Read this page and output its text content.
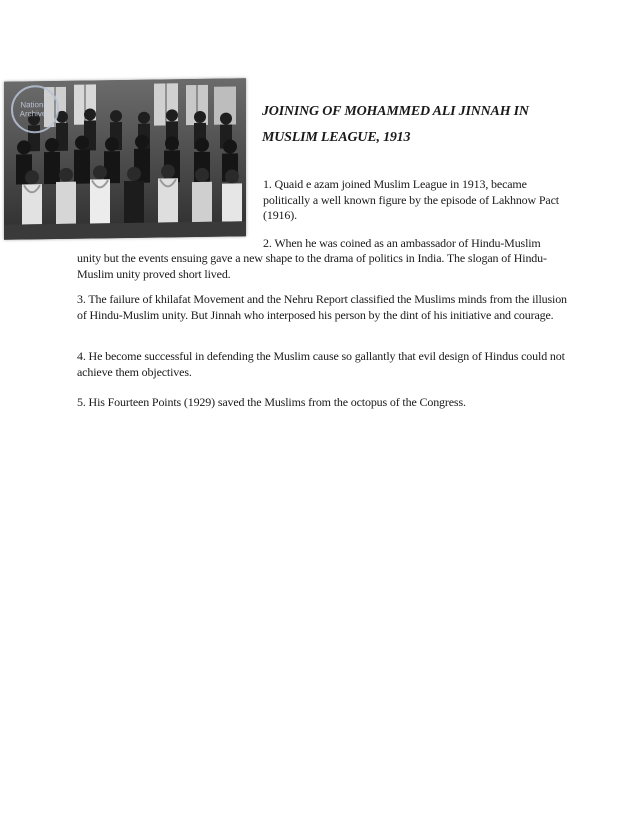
National
Archives	JOINING OF MOHAMMED ALI JINNAH IN
MUSLIM LEAGUE, 1913

1. Quaid e azam joined Muslim League in 1913, became politically a well known figure by the episode of Lakhnow Pact (1916).

2. When he was coined as an ambassador of Hindu-Muslim

unity but the events ensuing gave a new shape to the drama of politics in India. The slogan of Hindu-Muslim unity proved short lived.

3. The failure of khilafat Movement and the Nehru Report classified the Muslims minds from the illusion of Hindu-Muslim unity. But Jinnah who interposed his person by the dint of his initiative and courage.

4. He become successful in defending the Muslim cause so gallantly that evil design of Hindus could not achieve them objectives.

5. His Fourteen Points (1929) saved the Muslims from the octopus of the Congress.
